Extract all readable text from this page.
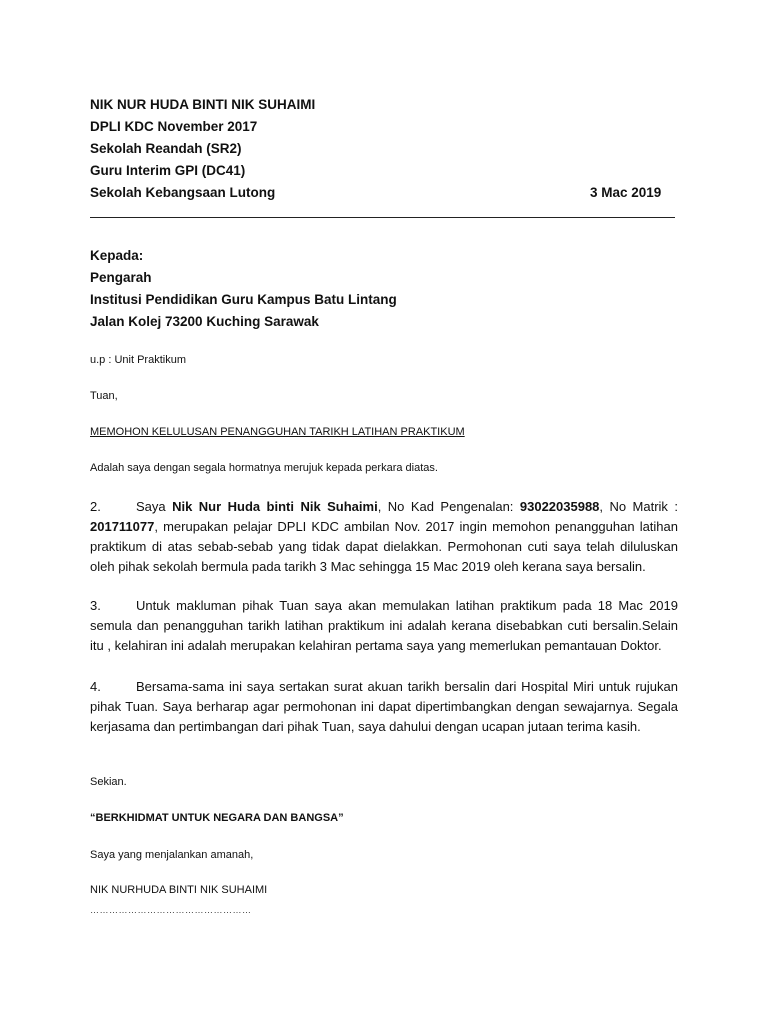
NIK NUR HUDA BINTI NIK SUHAIMI
DPLI KDC November 2017
Sekolah Reandah (SR2)
Guru Interim GPI (DC41)
Sekolah Kebangsaan Lutong	3 Mac 2019
Kepada:
Pengarah
Institusi Pendidikan Guru Kampus Batu Lintang
Jalan Kolej 73200 Kuching Sarawak
u.p : Unit Praktikum
Tuan,
MEMOHON KELULUSAN PENANGGUHAN TARIKH LATIHAN PRAKTIKUM
Adalah saya dengan segala hormatnya merujuk kepada perkara diatas.
2.	Saya Nik Nur Huda binti Nik Suhaimi, No Kad Pengenalan: 93022035988, No Matrik : 201711077, merupakan pelajar DPLI KDC ambilan Nov. 2017 ingin memohon penangguhan latihan praktikum di atas sebab-sebab yang tidak dapat dielakkan. Permohonan cuti saya telah diluluskan oleh pihak sekolah bermula pada tarikh 3 Mac sehingga 15 Mac 2019 oleh kerana saya bersalin.
3.	Untuk makluman pihak Tuan saya akan memulakan latihan praktikum pada 18 Mac 2019 semula dan penangguhan tarikh latihan praktikum ini adalah kerana disebabkan cuti bersalin.Selain itu , kelahiran ini adalah merupakan kelahiran pertama saya yang memerlukan pemantauan Doktor.
4.	Bersama-sama ini saya sertakan surat akuan tarikh bersalin dari Hospital Miri untuk rujukan pihak Tuan. Saya berharap agar permohonan ini dapat dipertimbangkan dengan sewajarnya. Segala kerjasama dan pertimbangan dari pihak Tuan, saya dahului dengan ucapan jutaan terima kasih.
Sekian.
“BERKHIDMAT UNTUK NEGARA DAN BANGSA”
Saya yang menjalankan amanah,
NIK NURHUDA BINTI NIK SUHAIMI
……………………………………………
